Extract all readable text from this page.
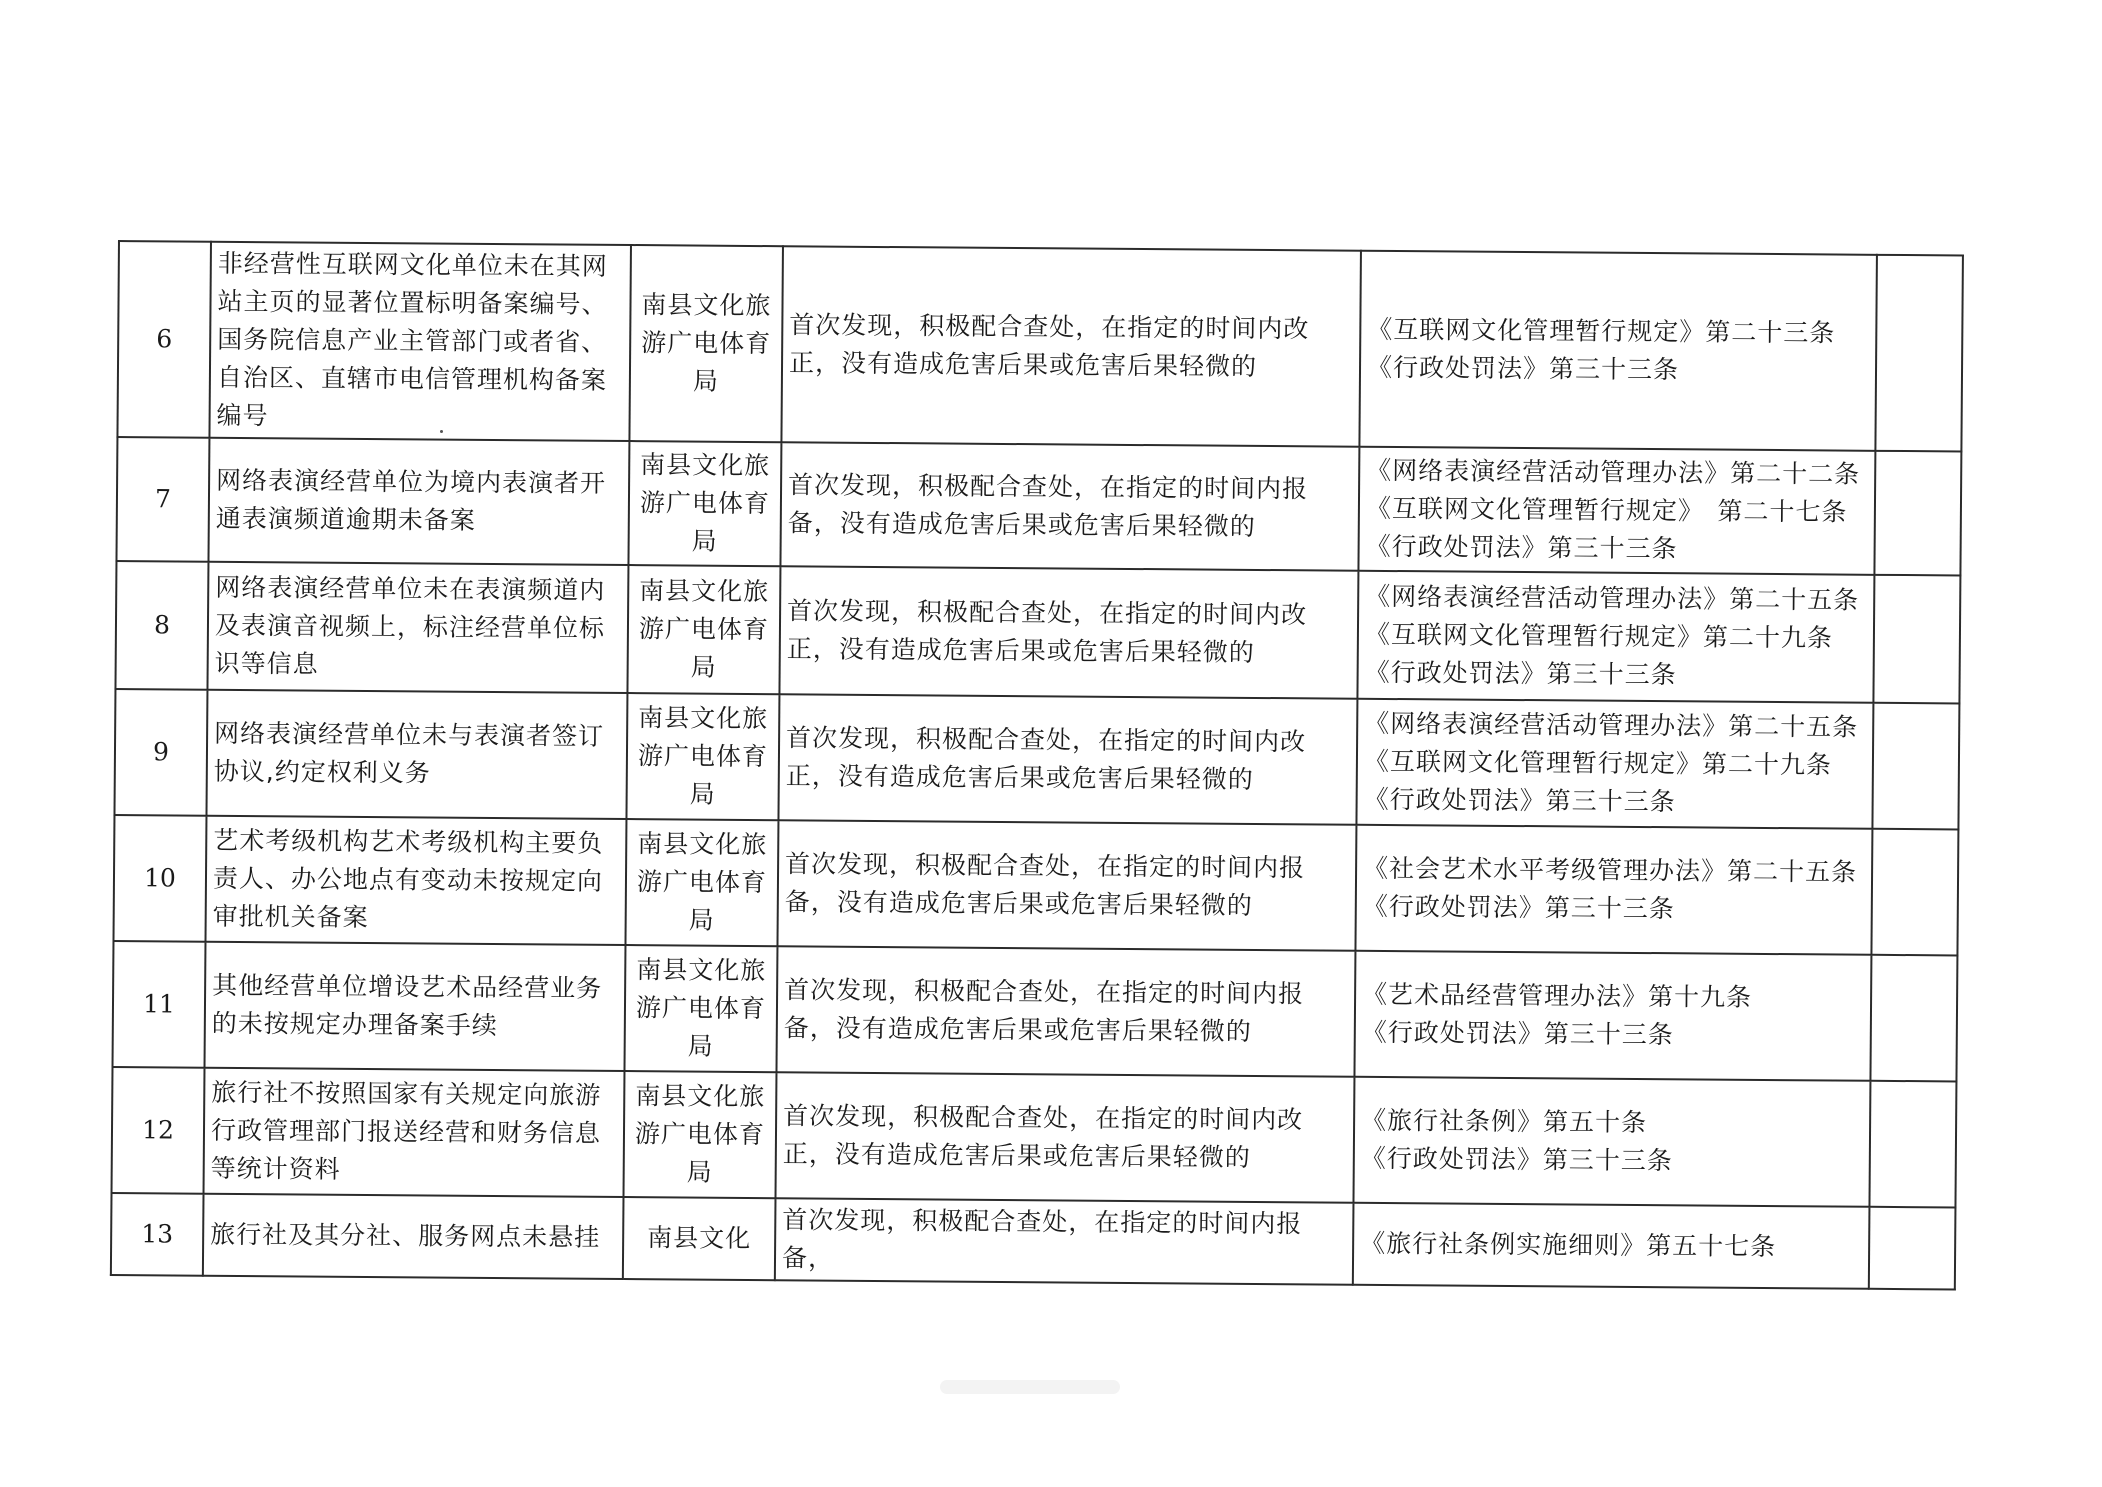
6	非经营性互联网文化单位未在其网站主页的显著位置标明备案编号、国务院信息产业主管部门或者省、自治区、直辖市电信管理机构备案编号	南县文化旅游广电体育局	首次发现，积极配合查处，在指定的时间内改正，没有造成危害后果或危害后果轻微的	《互联网文化管理暂行规定》第二十三条
《行政处罚法》第三十三条	

7	网络表演经营单位为境内表演者开通表演频道逾期未备案	南县文化旅游广电体育局	首次发现，积极配合查处，在指定的时间内报备，没有造成危害后果或危害后果轻微的	《网络表演经营活动管理办法》第二十二条
《互联网文化管理暂行规定》　第二十七条
《行政处罚法》第三十三条	

8	网络表演经营单位未在表演频道内及表演音视频上，标注经营单位标识等信息	南县文化旅游广电体育局	首次发现，积极配合查处，在指定的时间内改正，没有造成危害后果或危害后果轻微的	《网络表演经营活动管理办法》第二十五条
《互联网文化管理暂行规定》第二十九条
《行政处罚法》第三十三条	

9	网络表演经营单位未与表演者签订协议,约定权利义务	南县文化旅游广电体育局	首次发现，积极配合查处，在指定的时间内改正，没有造成危害后果或危害后果轻微的	《网络表演经营活动管理办法》第二十五条
《互联网文化管理暂行规定》第二十九条
《行政处罚法》第三十三条	

10	艺术考级机构艺术考级机构主要负责人、办公地点有变动未按规定向审批机关备案	南县文化旅游广电体育局	首次发现，积极配合查处，在指定的时间内报备，没有造成危害后果或危害后果轻微的	《社会艺术水平考级管理办法》第二十五条
《行政处罚法》第三十三条	

11	其他经营单位增设艺术品经营业务的未按规定办理备案手续	南县文化旅游广电体育局	首次发现，积极配合查处，在指定的时间内报备，没有造成危害后果或危害后果轻微的	《艺术品经营管理办法》第十九条
《行政处罚法》第三十三条	

12	旅行社不按照国家有关规定向旅游行政管理部门报送经营和财务信息等统计资料	南县文化旅游广电体育局	首次发现，积极配合查处，在指定的时间内改正，没有造成危害后果或危害后果轻微的	《旅行社条例》第五十条
《行政处罚法》第三十三条	

13	旅行社及其分社、服务网点未悬挂	南县文化	首次发现，积极配合查处，在指定的时间内报备，	《旅行社条例实施细则》第五十七条	
